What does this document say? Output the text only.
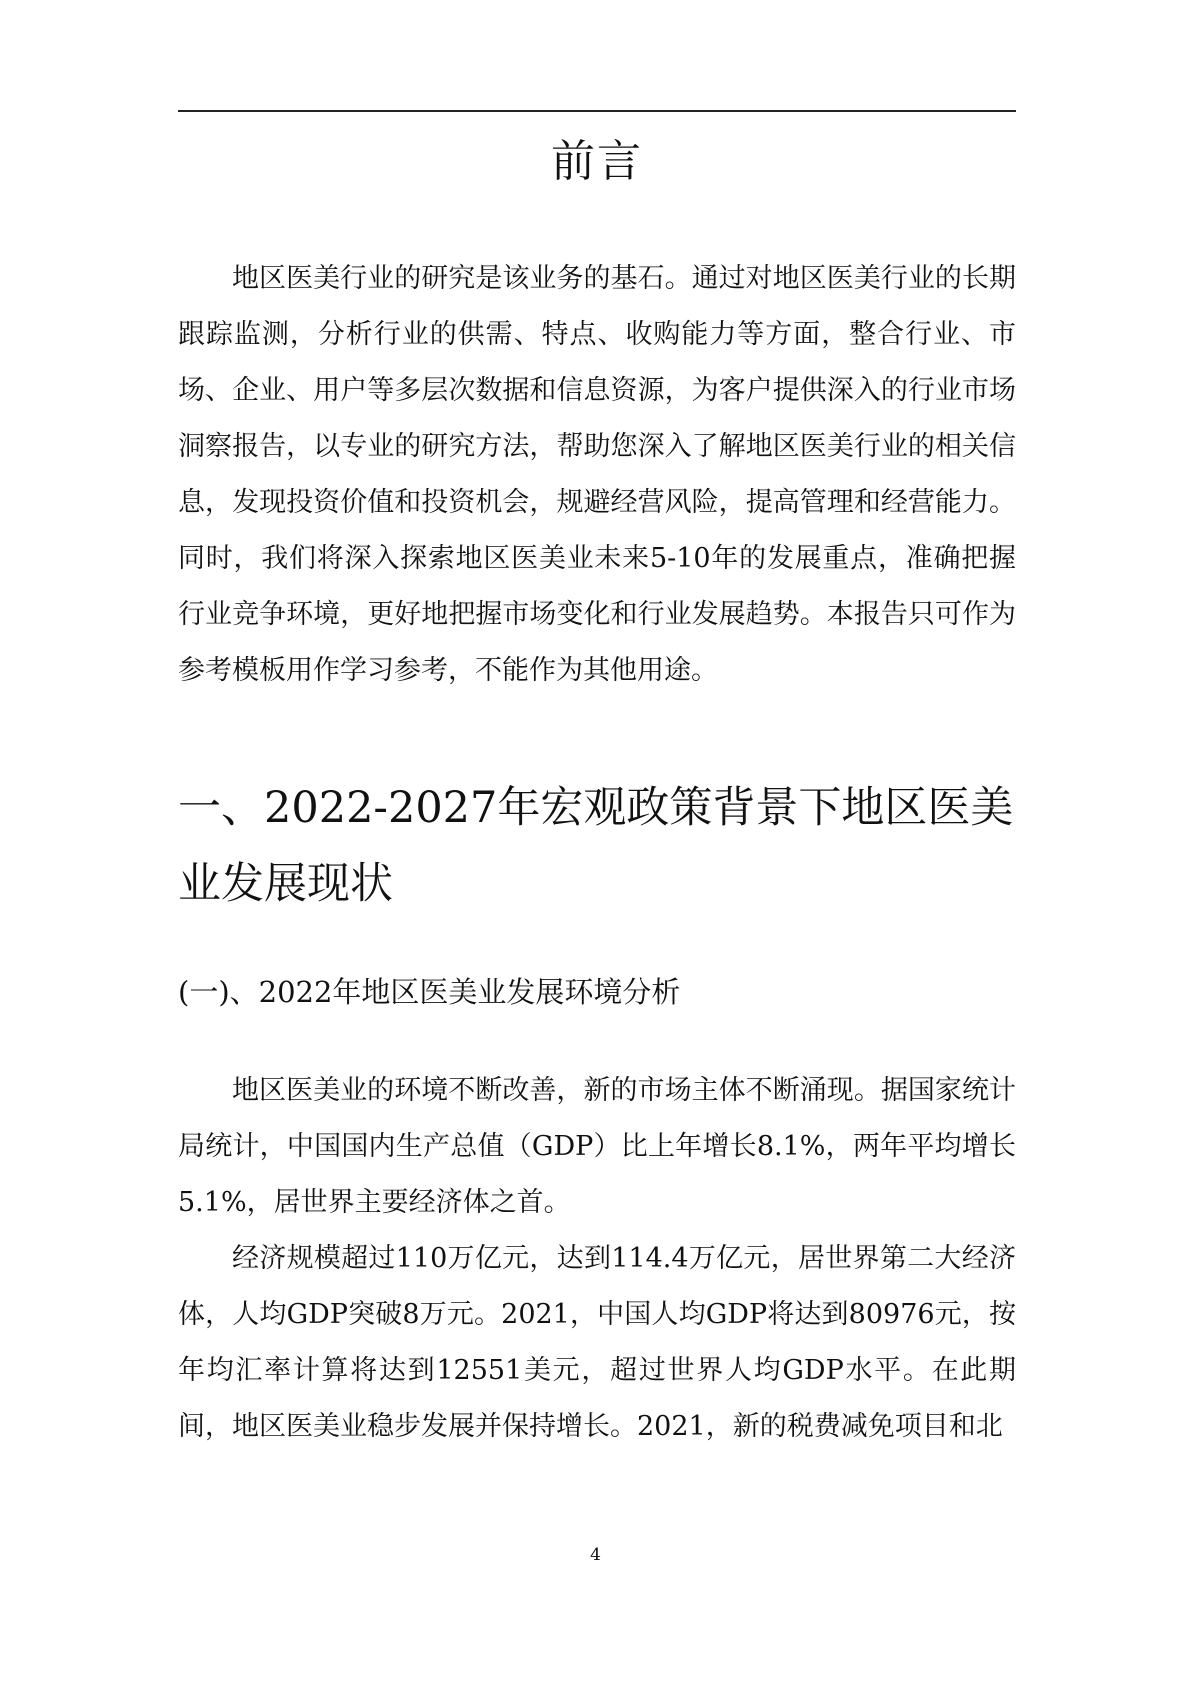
前言

地区医美行业的研究是该业务的基石。通过对地区医美行业的长期跟踪监测，分析行业的供需、特点、收购能力等方面，整合行业、市场、企业、用户等多层次数据和信息资源，为客户提供深入的行业市场洞察报告，以专业的研究方法，帮助您深入了解地区医美行业的相关信息，发现投资价值和投资机会，规避经营风险，提高管理和经营能力。同时，我们将深入探索地区医美业未来5-10年的发展重点，准确把握行业竞争环境，更好地把握市场变化和行业发展趋势。本报告只可作为参考模板用作学习参考，不能作为其他用途。

一、2022-2027年宏观政策背景下地区医美业发展现状
(一)、2022年地区医美业发展环境分析

地区医美业的环境不断改善，新的市场主体不断涌现。据国家统计局统计，中国国内生产总值（GDP）比上年增长8.1%，两年平均增长5.1%，居世界主要经济体之首。

经济规模超过110万亿元，达到114.4万亿元，居世界第二大经济体，人均GDP突破8万元。2021，中国人均GDP将达到80976元，按年均汇率计算将达到12551美元，超过世界人均GDP水平。在此期间，地区医美业稳步发展并保持增长。2021，新的税费减免项目和北

4
